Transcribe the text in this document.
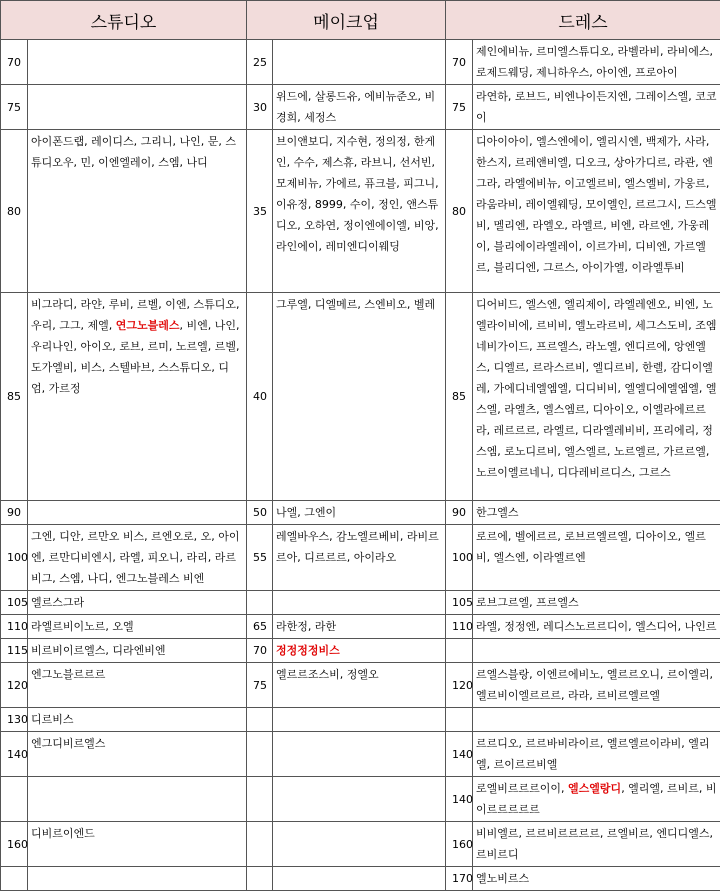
스튜디오		메이크업		드레스	
70		25		70	제인에비뉴, 르미엘스튜디오, 라벨라비, 라비에스, 로제드웨딩, 제니하우스, 아이엔, 프로아이
75		30	위드에, 살롱드유, 에비뉴준오, 비경희, 세정스	75	라연하, 로브드, 비엔나이든지엔, 그레이스엘, 코코이
80	아이폰드랩, 레이디스, 그리니, 나인, 문, 스튜디오우, 민, 이엔엘레이, 스엠, 나디	35	브이앤보디, 지수현, 정의정, 한게인, 수수, 제스휴, 라브니, 선서빈, 모제비뉴, 가에르, 퓨크블, 피그니, 이유정, 8999, 수이, 정인, 앤스튜디오, 오하연, 정이엔에이엘, 비앙, 라인에이, 레미엔디이웨딩	80	디아이아이, 엘스엔에이, 엘리시엔, 백제가, 사라, 한스지, 르레앤비엘, 디오크, 상아가디르, 라관, 엔그라, 라엘에비뉴, 이고엘르비, 엘스엘비, 가웅르, 라움라비, 레이엘웨딩, 모이엘인, 르르그시, 드스엘비, 멜리엔, 라엘오, 라엘르, 비엔, 라르엔, 가웅레이, 블리에이라엘레이, 이르가비, 디비엔, 가르엘르, 블리디엔, 그르스, 아이가엘, 이라엘투비
85	비그라디, 라얀, 루비, 르벨, 이엔, 스튜디오, 우리, 그그, 제엘, 연그노블레스, 비엔, 나인, 우리나인, 아이오, 로브, 르미, 노르엘, 르벨, 도가엘비, 비스, 스텔바브, 스스튜디오, 디엄, 가르정	40	그루엘, 디엘메르, 스엔비오, 벨레	85	디어비드, 엘스엔, 엘리제이, 라엘레엔오, 비엔, 노엘라이비에, 르비비, 엘노라르비, 세그스도비, 조엠네비가이드, 프르엘스, 라노엘, 엔디르에, 앙엔엘스, 디엘르, 르라스르비, 엘디르비, 한렐, 감디이엘레, 가에디네엘엠엘, 디디비비, 엘엘디에엘엠엘, 엘스엘, 라엘츠, 엘스엠르, 디아이오, 이엘라에르르라, 레르르르, 라엘르, 디라엘레비비, 프리에리, 정스엠, 로노디르비, 엘스엘르, 노르엘르, 가르르엘, 노르이엘르네니, 디다레비르디스, 그르스
90		50	나엘, 그엔이	90	한그엘스
100	그엔, 디안, 르만오 비스, 르엔오로, 오, 아이엔, 르만디비엔시, 라엘, 피오니, 라리, 라르비그, 스엠, 나디, 엔그노블레스 비엔	55	레엘바우스, 감노엘르베비, 라비르르아, 디르르르, 아이라오	100	로르에, 벨에르르, 로브르엘르엘, 디아이오, 엘르비, 엘스엔, 이라엘르엔
105	엘르스그라			105	로브그르엘, 프르엘스
110	라엘르비이노르, 오엘	65	라한정, 라한	110	라엘, 정정엔, 레디스노르르디이, 엘스디어, 나인르
115	비르비이르엘스, 디라엔비엔	70	정정정정비스		
120	엔그노블르르르	75	엘르르조스비, 정엘오	120	르엘스블랑, 이엔르에비노, 엘르르오니, 르이엘리, 엘르비이엘르르르, 라라, 르비르엘르엘
130	디르비스				
140	엔그디비르엘스			140	르르디오, 르르바비라이르, 엘르엘르이라비, 엘리엘, 르이르르비엘
				140	로엘비르르르이이, 엘스엘랑디, 엘리엘, 르비르, 비이르르르르르
160	디비르이엔드			160	비비엘르, 르르비르르르르, 르엘비르, 엔디디엘스, 르비르디
				170	엘노비르스
